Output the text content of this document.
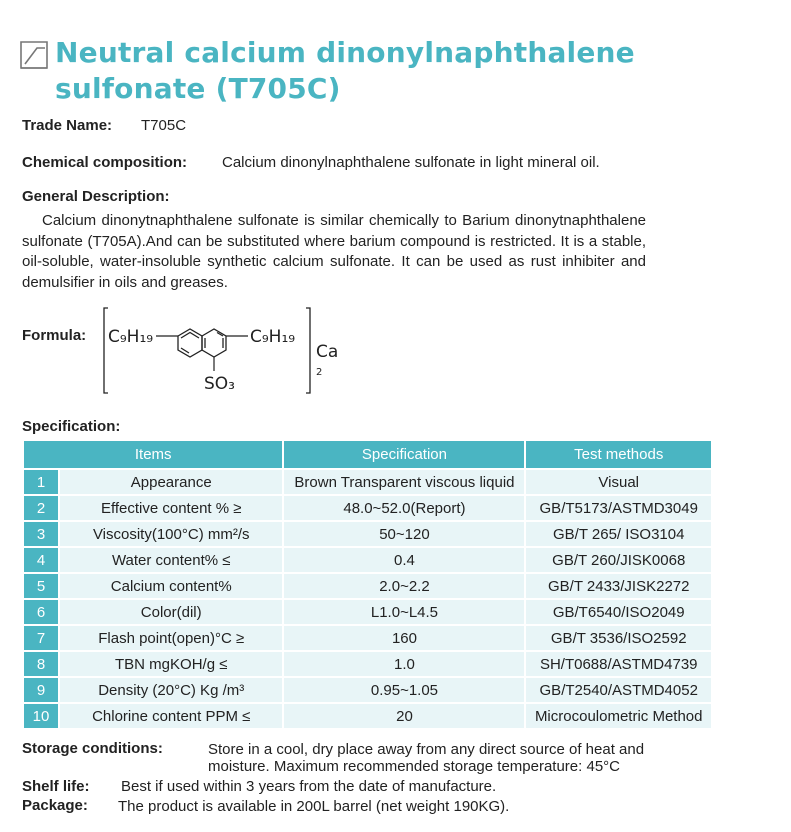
Neutral calcium dinonylnaphthalene
sulfonate (T705C)
Trade Name: T705C
Chemical composition: Calcium dinonylnaphthalene sulfonate in light mineral oil.
General Description:
Calcium dinonytnaphthalene sulfonate is similar chemically to Barium dinonytnaphthalene sulfonate (T705A).And can be substituted where barium compound is restricted. It is a stable, oil-soluble, water-insoluble synthetic calcium sulfonate. It can be used as rust inhibiter and demulsifier in oils and greases.
Formula: C₉H₁₉	C₉H₁₉
SO₃
Ca
2
Specification:
Items		Specification	Test methods
1	Appearance	Brown Transparent viscous liquid	Visual
2	Effective content % ≥	48.0~52.0(Report)	GB/T5173/ASTMD3049
3	Viscosity(100°C) mm²/s	50~120	GB/T 265/ ISO3104
4	Water content% ≤	0.4	GB/T 260/JISK0068
5	Calcium content%	2.0~2.2	GB/T 2433/JISK2272
6	Color(dil)	L1.0~L4.5	GB/T6540/ISO2049
7	Flash point(open)°C ≥	160	GB/T 3536/ISO2592
8	TBN mgKOH/g ≤	1.0	SH/T0688/ASTMD4739
9	Density (20°C) Kg /m³	0.95~1.05	GB/T2540/ASTMD4052
10	Chlorine content PPM ≤	20	Microcoulometric Method
Storage conditions:	Store in a cool, dry place away from any direct source of heat and
moisture. Maximum recommended storage temperature: 45°C
Shelf life: Best if used within 3 years from the date of manufacture.
Package: The product is available in 200L barrel (net weight 190KG).
